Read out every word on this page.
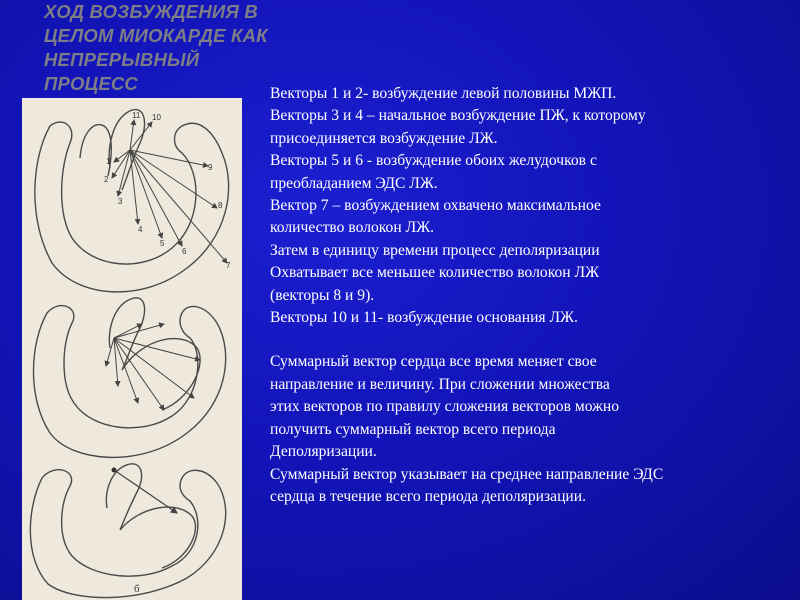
ХОД ВОЗБУЖДЕНИЯ В
ЦЕЛОМ МИОКАРДЕ КАК
НЕПРЕРЫВНЫЙ
ПРОЦЕСС
11 10
1
2
3
4
5
6
7
8
9
б

Векторы 1 и 2- возбуждение левой половины МЖП.

Векторы 3 и 4 – начальное возбуждение ПЖ, к которому

присоединяется возбуждение ЛЖ.

Векторы 5 и 6 - возбуждение обоих желудочков с

преобладанием ЭДС ЛЖ.

Вектор 7 – возбуждением охвачено максимальное

количество волокон ЛЖ.

Затем в единицу времени процесс деполяризации

Охватывает все меньшее количество волокон ЛЖ

(векторы 8 и 9).

Векторы 10 и 11- возбуждение основания ЛЖ.

Суммарный вектор сердца все время меняет свое

направление и величину. При сложении множества

этих векторов по правилу сложения векторов можно

получить суммарный вектор всего периода

Деполяризации.

Суммарный вектор указывает на среднее направление ЭДС

сердца в течение всего периода деполяризации.
